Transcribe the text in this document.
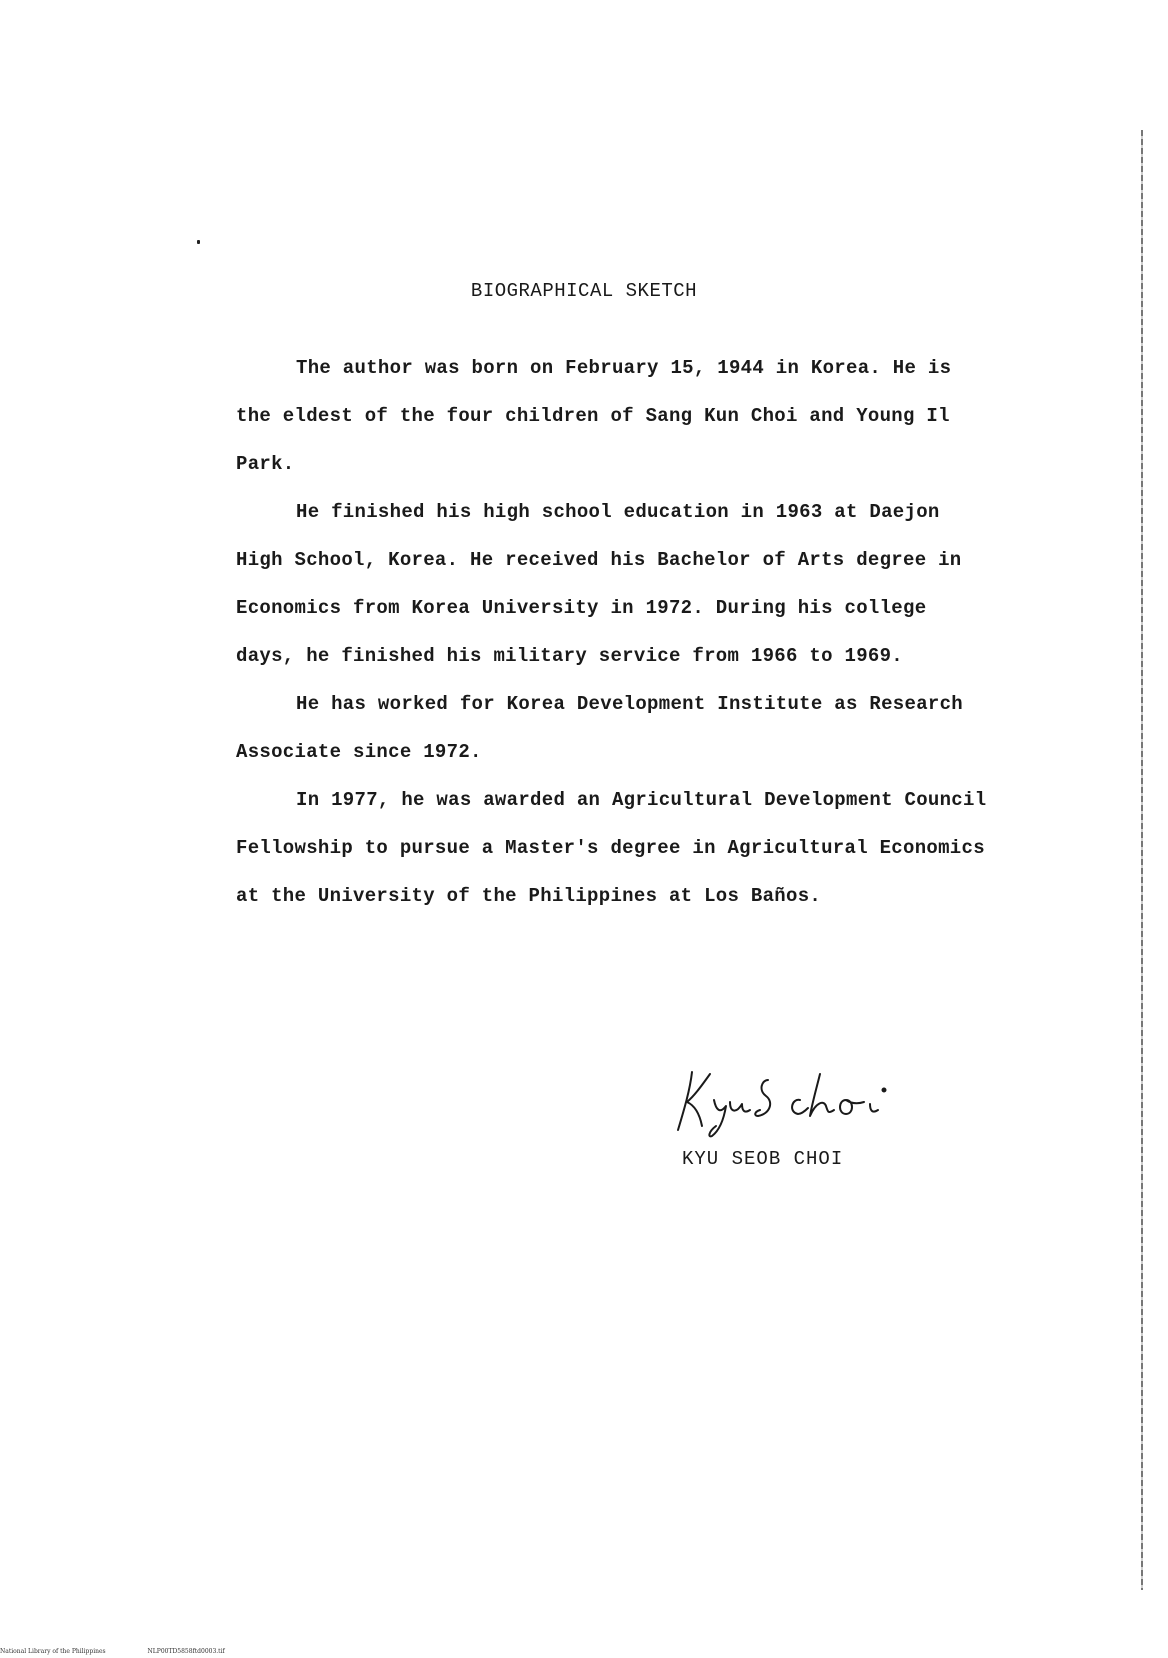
BIOGRAPHICAL SKETCH

The author was born on February 15, 1944 in Korea. He is the eldest of the four children of Sang Kun Choi and Young Il Park.

He finished his high school education in 1963 at Daejon High School, Korea. He received his Bachelor of Arts degree in Economics from Korea University in 1972. During his college days, he finished his military service from 1966 to 1969.

He has worked for Korea Development Institute as Research Associate since 1972.

In 1977, he was awarded an Agricultural Development Council Fellowship to pursue a Master's degree in Agricultural Economics at the University of the Philippines at Los Baños.

KYU SEOB CHOI
National Library of the Philippines	NLP00TD5858ftd0003.tif
